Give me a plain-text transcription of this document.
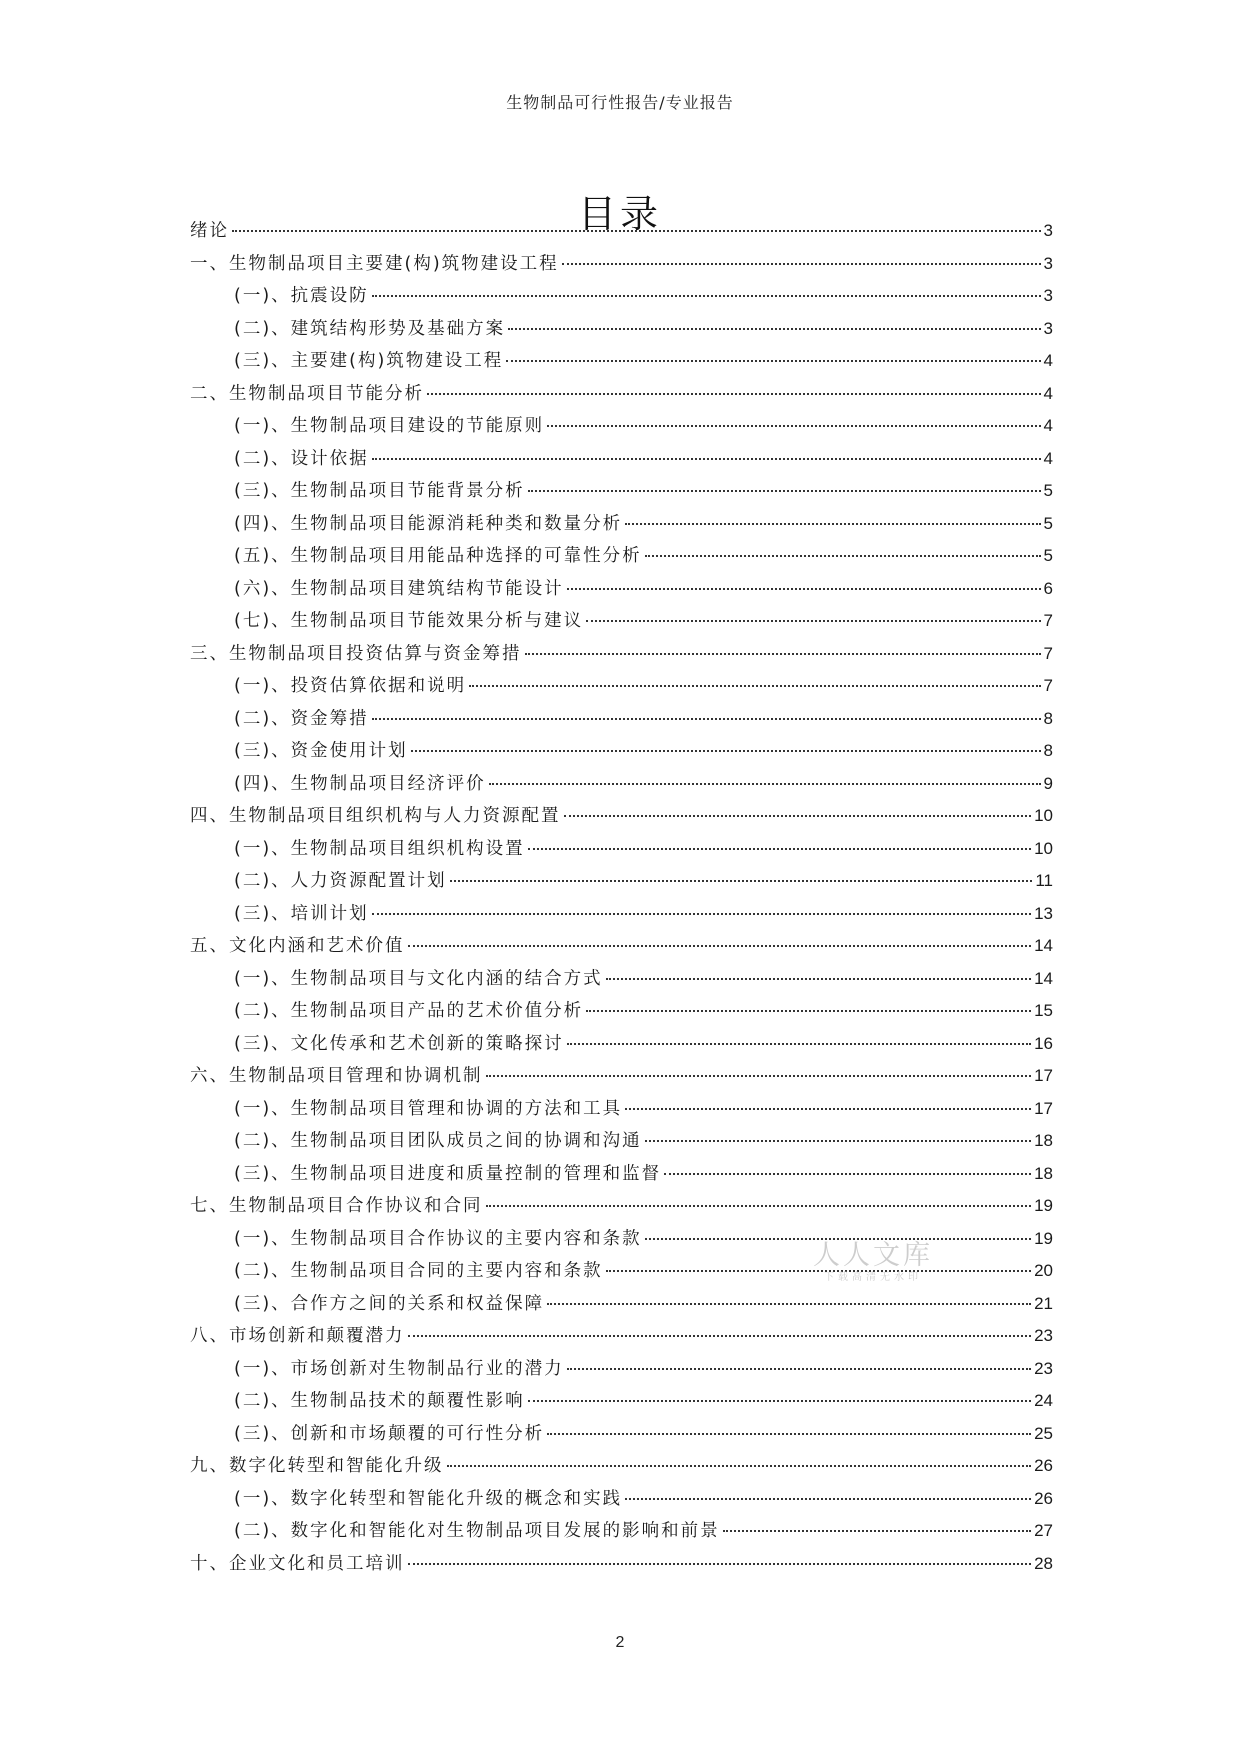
生物制品可行性报告/专业报告
目录
绪论	3
一、生物制品项目主要建(构)筑物建设工程	3
(一)、抗震设防	3
(二)、建筑结构形势及基础方案	3
(三)、主要建(构)筑物建设工程	4
二、生物制品项目节能分析	4
(一)、生物制品项目建设的节能原则	4
(二)、设计依据	4
(三)、生物制品项目节能背景分析	5
(四)、生物制品项目能源消耗种类和数量分析	5
(五)、生物制品项目用能品种选择的可靠性分析	5
(六)、生物制品项目建筑结构节能设计	6
(七)、生物制品项目节能效果分析与建议	7
三、生物制品项目投资估算与资金筹措	7
(一)、投资估算依据和说明	7
(二)、资金筹措	8
(三)、资金使用计划	8
(四)、生物制品项目经济评价	9
四、生物制品项目组织机构与人力资源配置	10
(一)、生物制品项目组织机构设置	10
(二)、人力资源配置计划	11
(三)、培训计划	13
五、文化内涵和艺术价值	14
(一)、生物制品项目与文化内涵的结合方式	14
(二)、生物制品项目产品的艺术价值分析	15
(三)、文化传承和艺术创新的策略探讨	16
六、生物制品项目管理和协调机制	17
(一)、生物制品项目管理和协调的方法和工具	17
(二)、生物制品项目团队成员之间的协调和沟通	18
(三)、生物制品项目进度和质量控制的管理和监督	18
七、生物制品项目合作协议和合同	19
(一)、生物制品项目合作协议的主要内容和条款	19
(二)、生物制品项目合同的主要内容和条款	20
(三)、合作方之间的关系和权益保障	21
八、市场创新和颠覆潜力	23
(一)、市场创新对生物制品行业的潜力	23
(二)、生物制品技术的颠覆性影响	24
(三)、创新和市场颠覆的可行性分析	25
九、数字化转型和智能化升级	26
(一)、数字化转型和智能化升级的概念和实践	26
(二)、数字化和智能化对生物制品项目发展的影响和前景	27
十、企业文化和员工培训	28
人人文库
下载高清无水印
2
